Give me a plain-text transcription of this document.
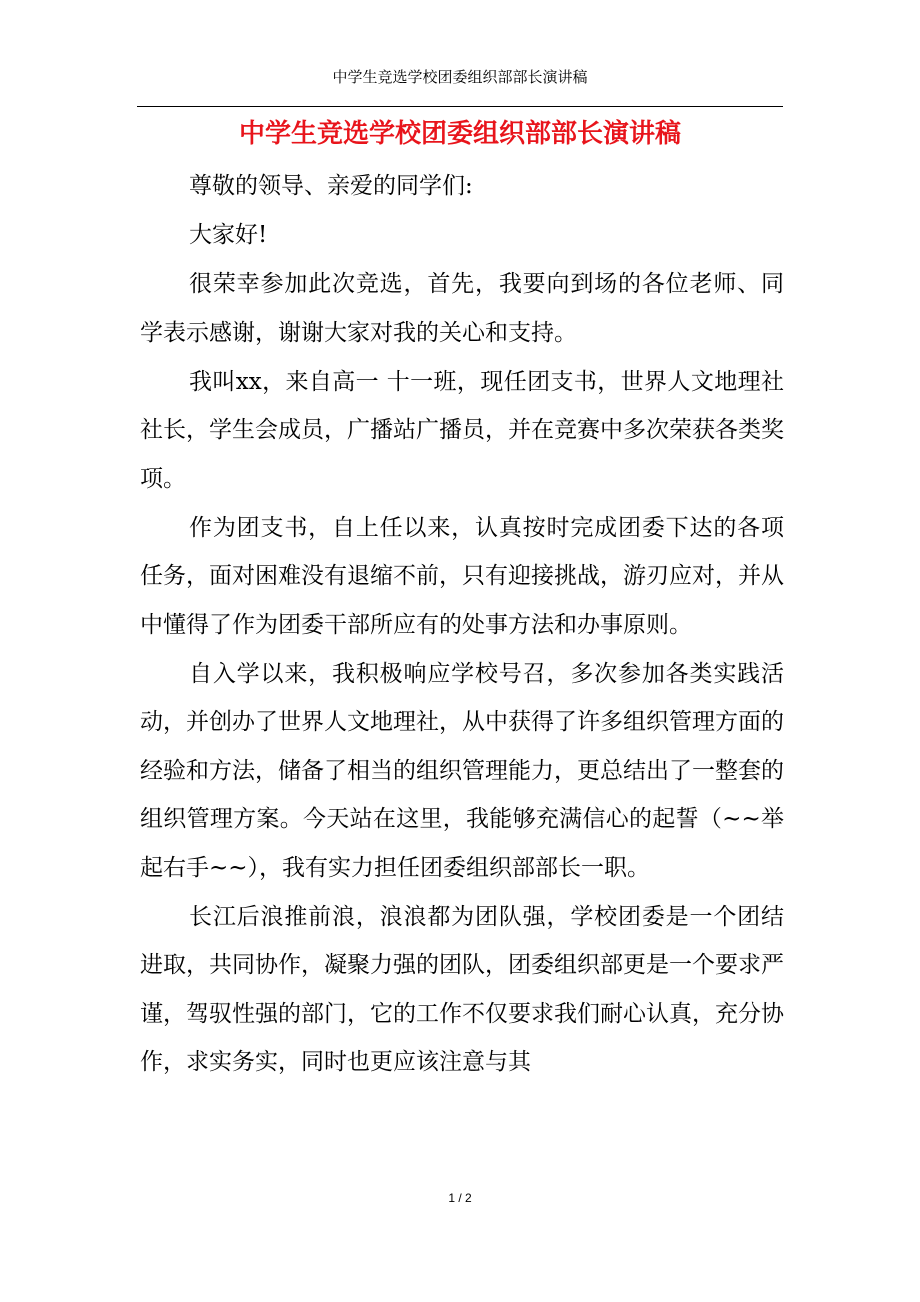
中学生竞选学校团委组织部部长演讲稿
中学生竞选学校团委组织部部长演讲稿

尊敬的领导、亲爱的同学们:

大家好!

很荣幸参加此次竞选，首先，我要向到场的各位老师、同学表示感谢，谢谢大家对我的关心和支持。

我叫xx，来自高一 十一班，现任团支书，世界人文地理社社长，学生会成员，广播站广播员，并在竞赛中多次荣获各类奖项。

作为团支书，自上任以来，认真按时完成团委下达的各项任务，面对困难没有退缩不前，只有迎接挑战，游刃应对，并从中懂得了作为团委干部所应有的处事方法和办事原则。

自入学以来，我积极响应学校号召，多次参加各类实践活动，并创办了世界人文地理社，从中获得了许多组织管理方面的经验和方法，储备了相当的组织管理能力，更总结出了一整套的组织管理方案。今天站在这里，我能够充满信心的起誓（~~举起右手~~），我有实力担任团委组织部部长一职。

长江后浪推前浪，浪浪都为团队强，学校团委是一个团结进取，共同协作，凝聚力强的团队，团委组织部更是一个要求严谨，驾驭性强的部门，它的工作不仅要求我们耐心认真，充分协作，求实务实，同时也更应该注意与其

1 / 2
